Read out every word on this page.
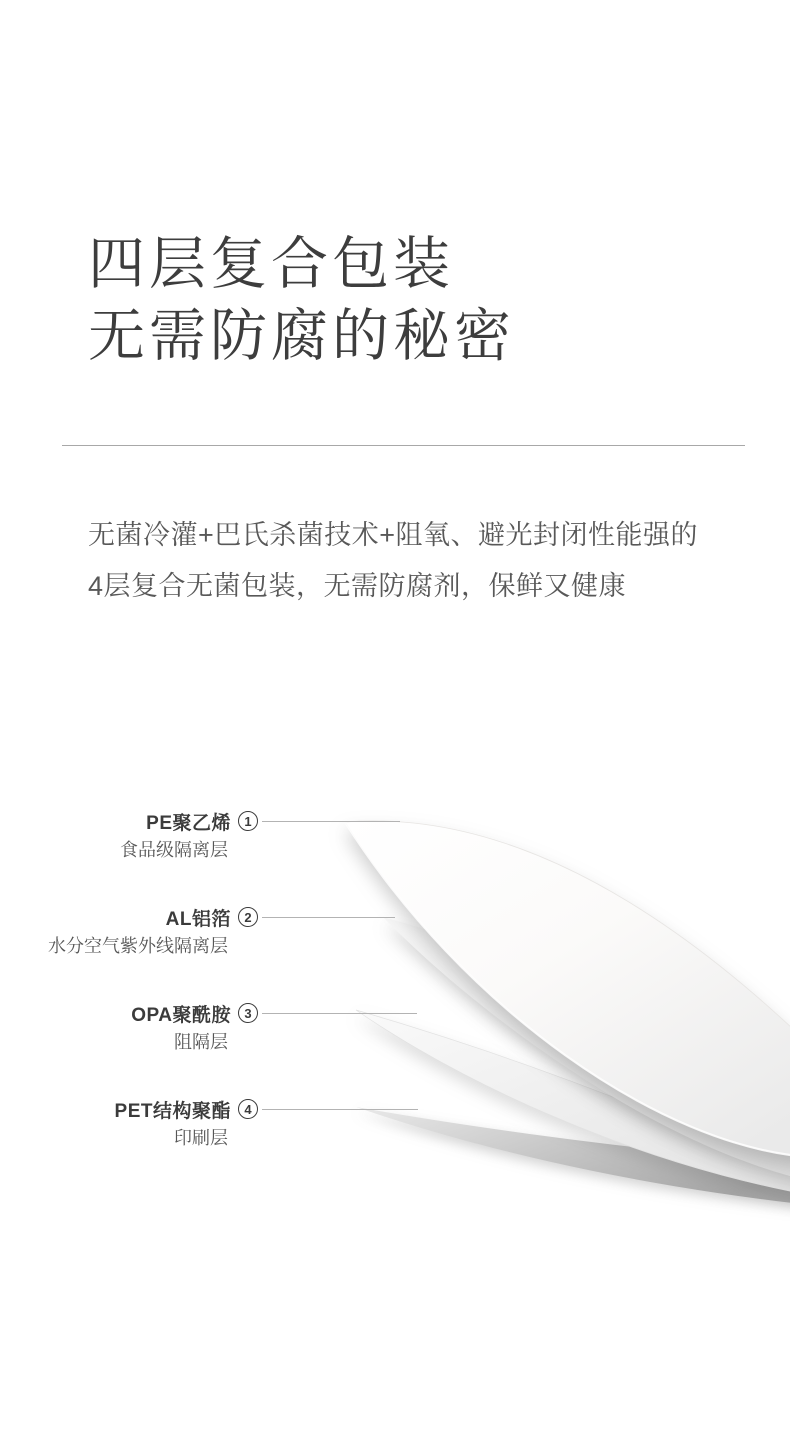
四层复合包装
无需防腐的秘密
无菌冷灌+巴氏杀菌技术+阻氧、避光封闭性能强的
4层复合无菌包装，无需防腐剂，保鲜又健康
PE聚乙烯 1
食品级隔离层
AL铝箔 2
水分空气紫外线隔离层
OPA聚酰胺 3
阻隔层
PET结构聚酯 4
印刷层
